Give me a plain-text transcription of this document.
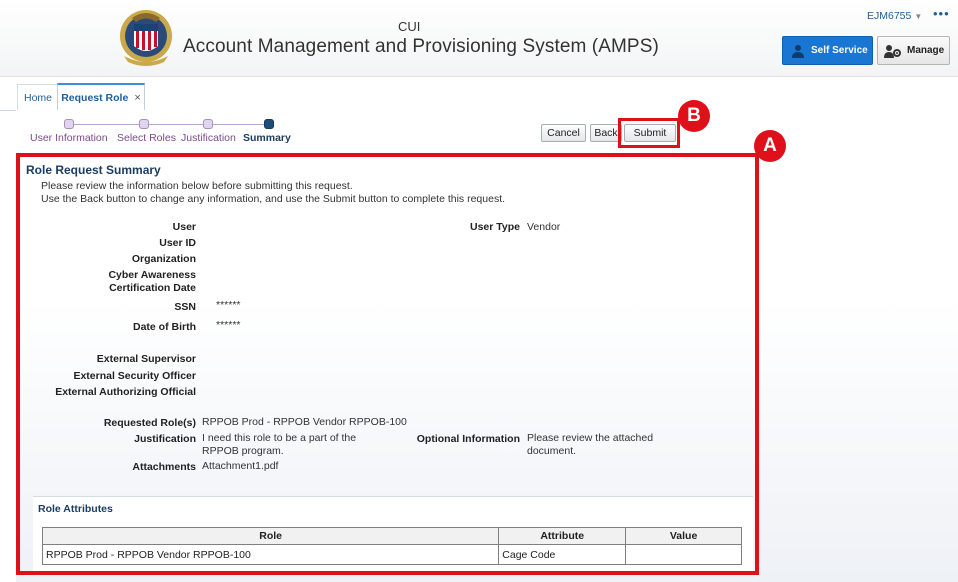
CUI
Account Management and Provisioning System (AMPS)
EJM6755 ▼ •••
Self Service	Manage
Home Request Role ×
User Information Select Roles Justification Summary	Cancel	Back	Submit
B
Role Request Summary
Please review the information below before submitting this request.
Use the Back button to change any information, and use the Submit button to complete this request.
User
User ID
Organization
Cyber Awareness
Certification Date
SSN ******
Date of Birth ******
User Type Vendor
External Supervisor
External Security Officer
External Authorizing Official
Requested Role(s) RPPOB Prod - RPPOB Vendor RPPOB-100
Justification I need this role to be a part of the
RPPOB program.
Optional Information Please review the attached
document.
Attachments Attachment1.pdf
Role Attributes
Role	Attribute	Value
RPPOB Prod - RPPOB Vendor RPPOB-100	Cage Code	
A
